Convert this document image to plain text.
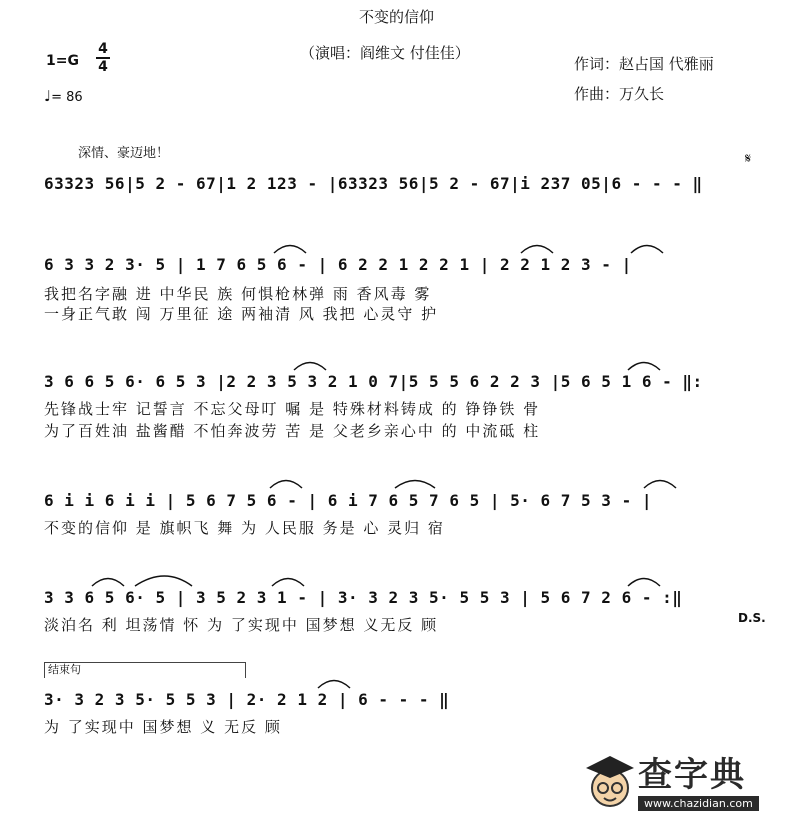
不变的信仰
（演唱：阎维文 付佳佳）
作词：赵占国 代雅丽
作曲：万久长
1=G
4
4
♩= 86
深情、豪迈地！	𝄋
63323 56|5 2 - 67|1 2 123 - |63323 56|5 2 - 67|i 237 05|6 - - - ‖
6 3 3 2 3· 5 | 1 7 6 5 6 - | 6 2 2 1 2 2 1 | 2 2 1 2 3 - |
我把名字融 进 中华民 族 何惧枪林弹 雨 香风毒 雾
一身正气敢 闯 万里征 途 两袖清 风 我把 心灵守 护
3 6 6 5 6· 6 5 3 |2 2 3 5 3 2 1 0 7|5 5 5 6 2 2 3 |5 6 5 1 6 - ‖:
先锋战士牢 记誓言 不忘父母叮 嘱 是 特殊材料铸成 的 铮铮铁 骨
为了百姓油 盐酱醋 不怕奔波劳 苦 是 父老乡亲心中 的 中流砥 柱
6 i i 6 i i | 5 6 7 5 6 - | 6 i 7 6 5 7 6 5 | 5· 6 7 5 3 - |
不变的信仰 是 旗帜飞 舞 为 人民服 务是 心 灵归 宿
3 3 6 5 6· 5 | 3 5 2 3 1 - | 3· 3 2 3 5· 5 5 3 | 5 6 7 2 6 - :‖
淡泊名 利 坦荡情 怀 为 了实现中 国梦想 义无反 顾	D.S.
结束句
3· 3 2 3 5· 5 5 3 | 2· 2 1 2 | 6 - - - ‖
为 了实现中 国梦想 义 无反 顾
查字典
www.chazidian.com
